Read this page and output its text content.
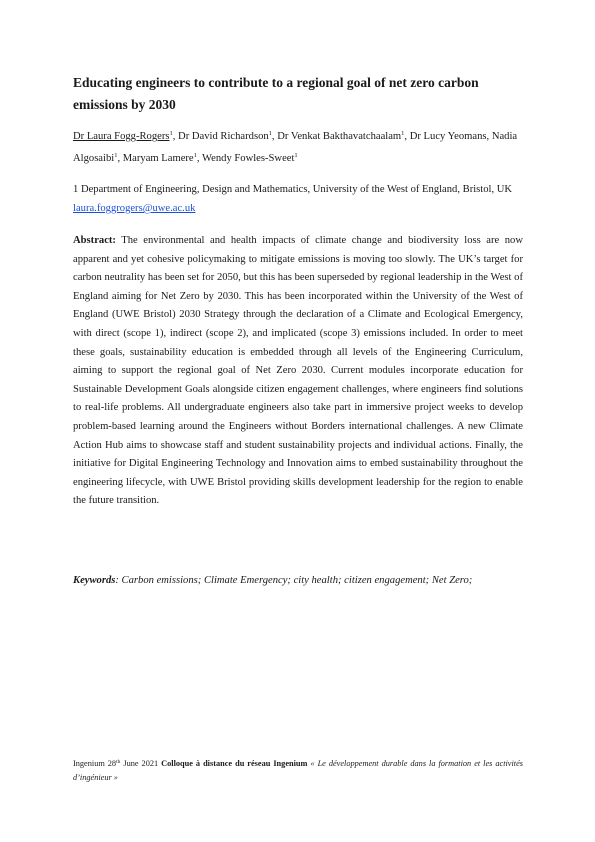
Educating engineers to contribute to a regional goal of net zero carbon emissions by 2030
Dr Laura Fogg-Rogers$^1$, Dr David Richardson$^1$, Dr Venkat Bakthavatchaalam$^1$, Dr Lucy Yeomans, Nadia Algosaibi$^1$, Maryam Lamere$^1$, Wendy Fowles-Sweet$^1$
1 Department of Engineering, Design and Mathematics, University of the West of England, Bristol, UK laura.foggrogers@uwe.ac.uk
Abstract: The environmental and health impacts of climate change and biodiversity loss are now apparent and yet cohesive policymaking to mitigate emissions is moving too slowly. The UK’s target for carbon neutrality has been set for 2050, but this has been superseded by regional leadership in the West of England aiming for Net Zero by 2030. This has been incorporated within the University of the West of England (UWE Bristol) 2030 Strategy through the declaration of a Climate and Ecological Emergency, with direct (scope 1), indirect (scope 2), and implicated (scope 3) emissions included. In order to meet these goals, sustainability education is embedded through all levels of the Engineering Curriculum, aiming to support the regional goal of Net Zero 2030. Current modules incorporate education for Sustainable Development Goals alongside citizen engagement challenges, where engineers find solutions to real-life problems. All undergraduate engineers also take part in immersive project weeks to develop problem-based learning around the Engineers without Borders international challenges. A new Climate Action Hub aims to showcase staff and student sustainability projects and individual actions. Finally, the initiative for Digital Engineering Technology and Innovation aims to embed sustainability throughout the engineering lifecycle, with UWE Bristol providing skills development leadership for the region to enable the future transition.
Keywords: Carbon emissions; Climate Emergency; city health; citizen engagement; Net Zero;
Ingenium 28th June 2021 Colloque à distance du réseau Ingenium « Le développement durable dans la formation et les activités d’ingénieur »
